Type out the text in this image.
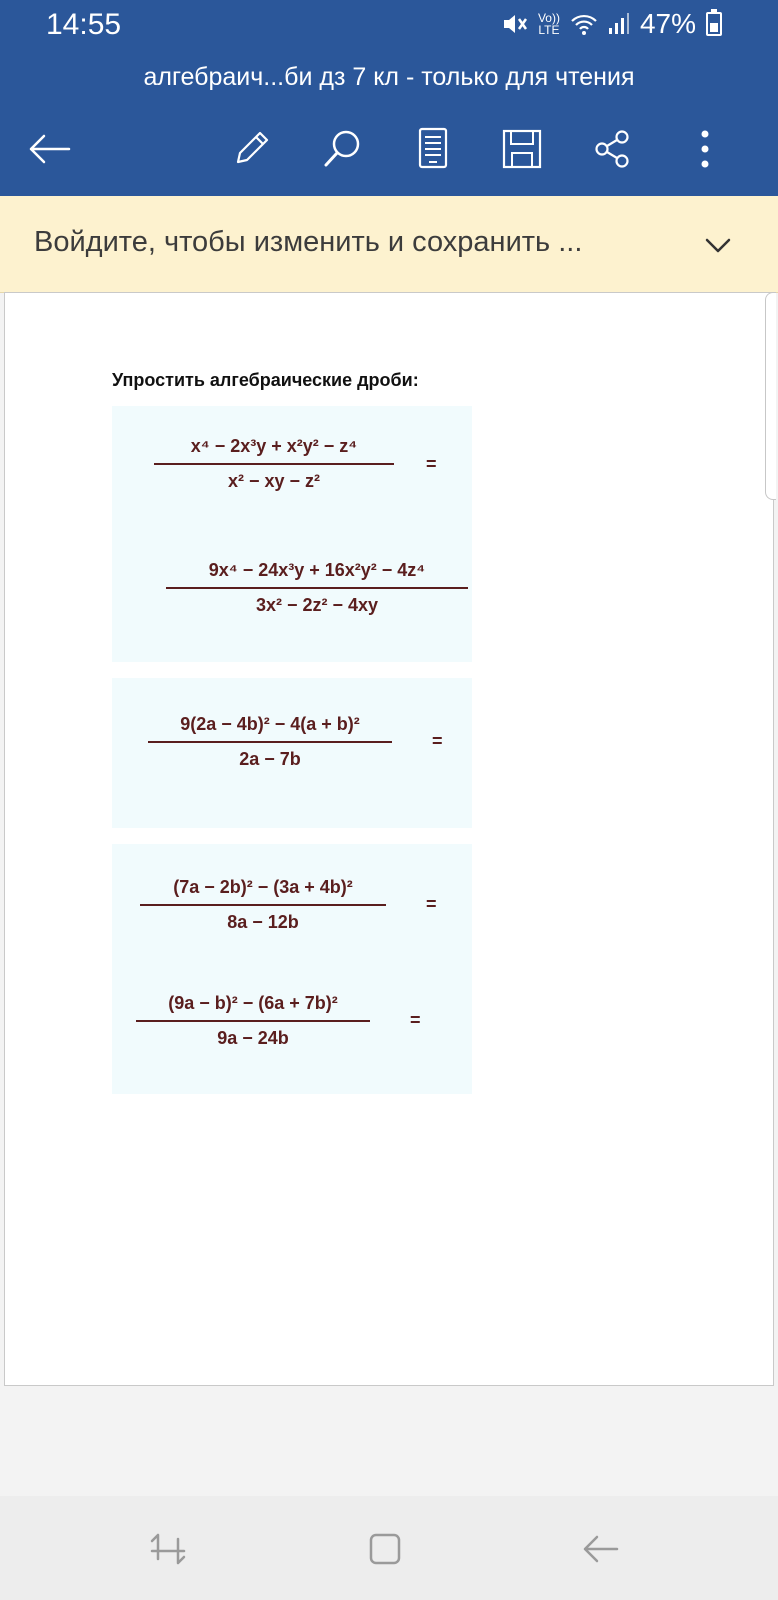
14:55	Vo))
LTE	47%
алгебраич...би дз 7 кл - только для чтения
Войдите, чтобы изменить и сохранить ...
Упростить алгебраические дроби:
x⁴ − 2x³y + x²y² − z⁴
x² − xy − z²
=
9x⁴ − 24x³y + 16x²y² − 4z⁴
3x² − 2z² − 4xy
9(2a − 4b)² − 4(a + b)²
2a − 7b
=
(7a − 2b)² − (3a + 4b)²
8a − 12b
=
(9a − b)² − (6a + 7b)²
9a − 24b
=
